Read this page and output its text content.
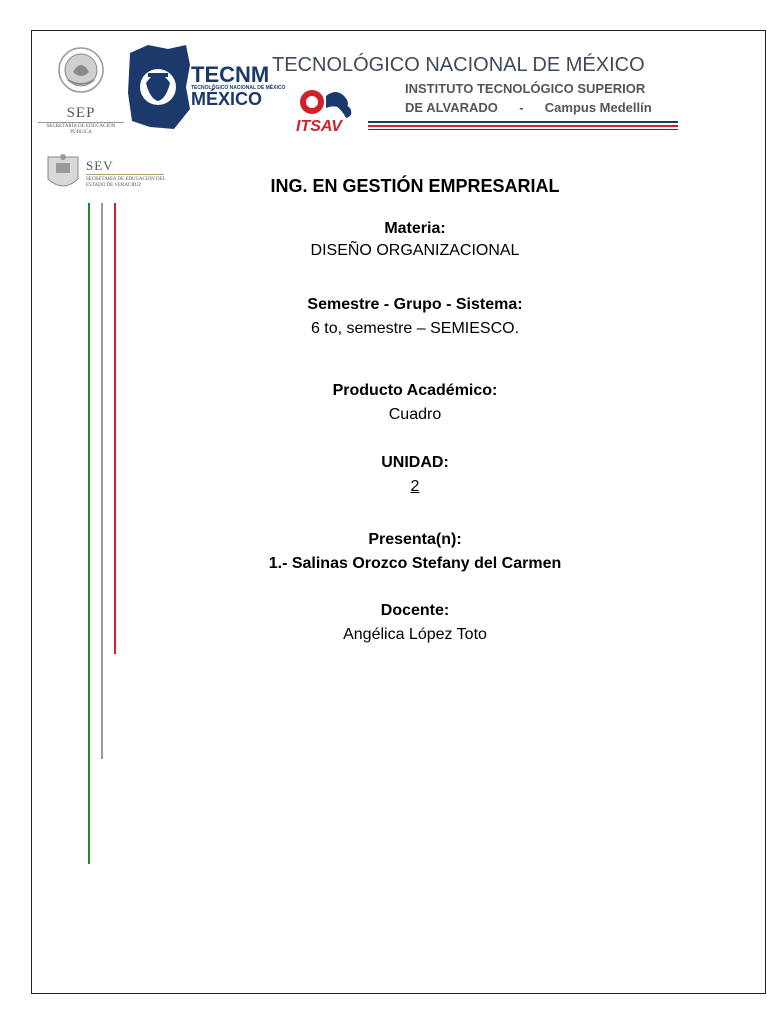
SEP
SECRETARÍA DE EDUCACIÓN PÚBLICA
SEV
SECRETARÍA DE EDUCACIÓN DEL ESTADO DE VERACRUZ
TECNM
TECNOLÓGICO NACIONAL DE MÉXICO
MÉXICO
ITSAV
TECNOLÓGICO NACIONAL DE MÉXICO
INSTITUTO TECNOLÓGICO SUPERIOR
DE ALVARADO - Campus Medellín
ING. EN GESTIÓN EMPRESARIAL
Materia:
DISEÑO ORGANIZACIONAL
Semestre - Grupo - Sistema:
6 to, semestre – SEMIESCO.
Producto Académico:
Cuadro
UNIDAD:
2
Presenta(n):
1.- Salinas Orozco Stefany del Carmen
Docente:
Angélica López Toto
